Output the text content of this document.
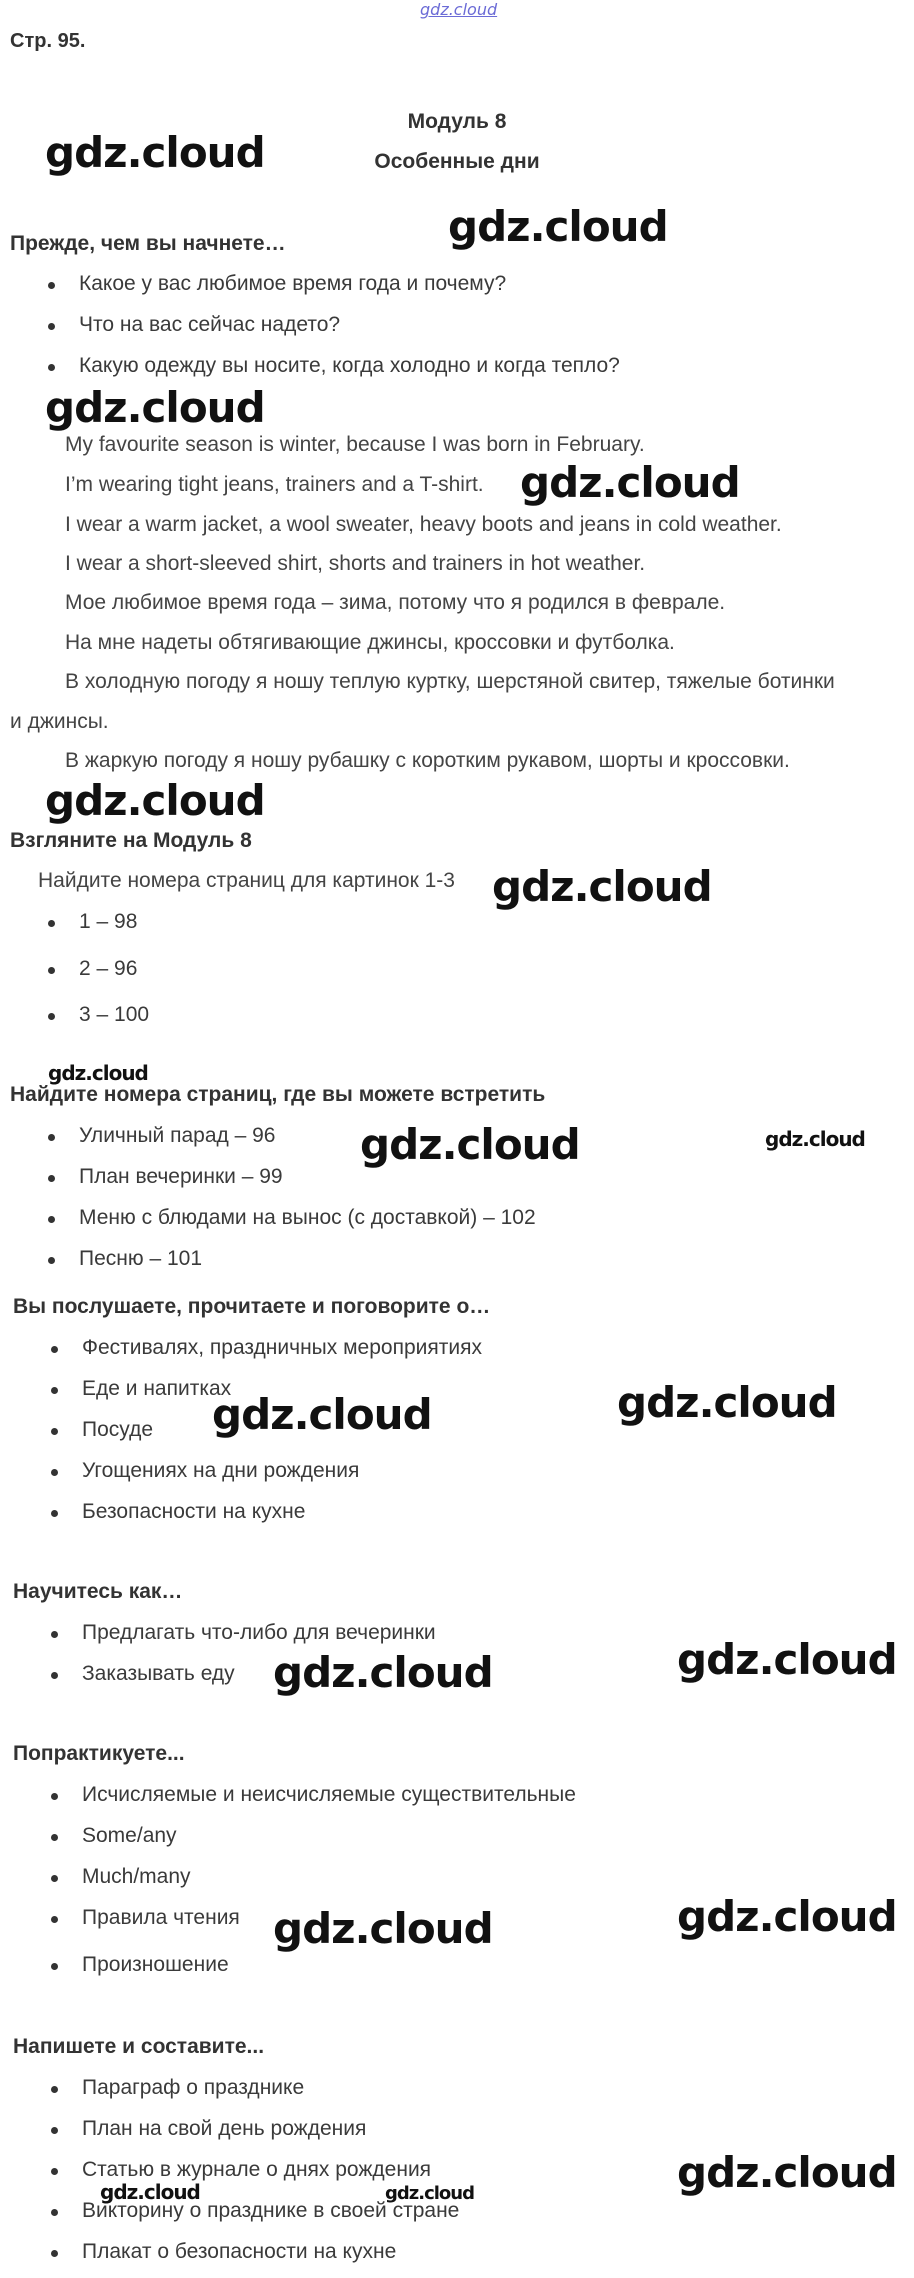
gdz.cloud
Стр. 95.
Модуль 8
Особенные дни
Прежде, чем вы начнете…
Какое у вас любимое время года и почему?
Что на вас сейчас надето?
Какую одежду вы носите, когда холодно и когда тепло?
My favourite season is winter, because I was born in February.
I’m wearing tight jeans, trainers and a T-shirt.
I wear a warm jacket, a wool sweater, heavy boots and jeans in cold weather.
I wear a short-sleeved shirt, shorts and trainers in hot weather.
Мое любимое время года – зима, потому что я родился в феврале.
На мне надеты обтягивающие джинсы, кроссовки и футболка.
В холодную погоду я ношу теплую куртку, шерстяной свитер, тяжелые ботинки
и джинсы.
В жаркую погоду я ношу рубашку с коротким рукавом, шорты и кроссовки.
Взгляните на Модуль 8
Найдите номера страниц для картинок 1-3
1 – 98
2 – 96
3 – 100
Найдите номера страниц, где вы можете встретить
Уличный парад – 96
План вечеринки – 99
Меню с блюдами на вынос (с доставкой) – 102
Песню – 101
Вы послушаете, прочитаете и поговорите о…
Фестивалях, праздничных мероприятиях
Еде и напитках
Посуде
Угощениях на дни рождения
Безопасности на кухне
Научитесь как…
Предлагать что-либо для вечеринки
Заказывать еду
Попрактикуете...
Исчисляемые и неисчисляемые существительные
Some/any
Much/many
Правила чтения
Произношение
Напишете и составите...
Параграф о празднике
План на свой день рождения
Статью в журнале о днях рождения
Викторину о празднике в своей стране
Плакат о безопасности на кухне
gdz.cloud
gdz.cloud
gdz.cloud
gdz.cloud
gdz.cloud
gdz.cloud
gdz.cloud
gdz.cloud	gdz.cloud
gdz.cloud	gdz.cloud
gdz.cloud	gdz.cloud
gdz.cloud	gdz.cloud
gdz.cloud	gdz.cloud	gdz.cloud
